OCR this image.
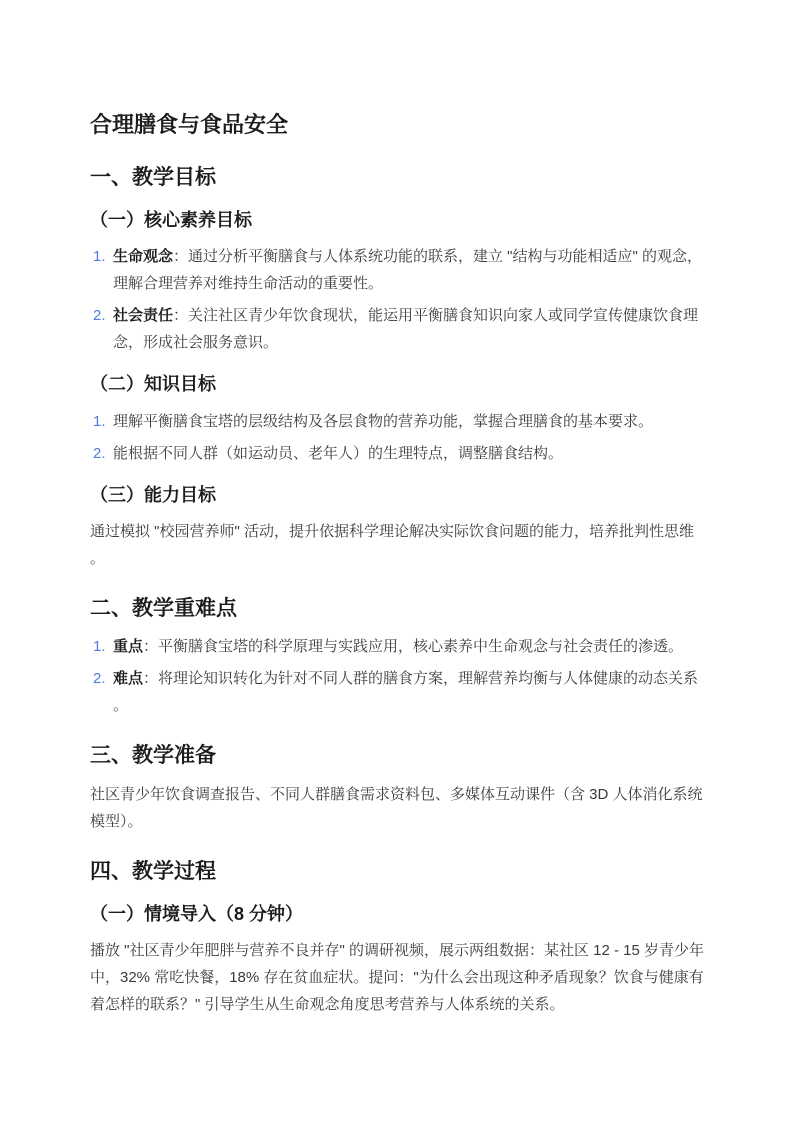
合理膳食与食品安全
一、教学目标
（一）核心素养目标
1. 生命观念：通过分析平衡膳食与人体系统功能的联系，建立 "结构与功能相适应" 的观念，
理解合理营养对维持生命活动的重要性。
2. 社会责任：关注社区青少年饮食现状，能运用平衡膳食知识向家人或同学宣传健康饮食理
念，形成社会服务意识。
（二）知识目标
1. 理解平衡膳食宝塔的层级结构及各层食物的营养功能，掌握合理膳食的基本要求。
2. 能根据不同人群（如运动员、老年人）的生理特点，调整膳食结构。
（三）能力目标
通过模拟 "校园营养师" 活动，提升依据科学理论解决实际饮食问题的能力，培养批判性思维
。
二、教学重难点
1. 重点：平衡膳食宝塔的科学原理与实践应用，核心素养中生命观念与社会责任的渗透。
2. 难点：将理论知识转化为针对不同人群的膳食方案，理解营养均衡与人体健康的动态关系
。
三、教学准备
社区青少年饮食调查报告、不同人群膳食需求资料包、多媒体互动课件（含 3D 人体消化系统
模型）。
四、教学过程
（一）情境导入（8 分钟）
播放 "社区青少年肥胖与营养不良并存" 的调研视频，展示两组数据：某社区 12 - 15 岁青少年
中，32% 常吃快餐，18% 存在贫血症状。提问："为什么会出现这种矛盾现象？饮食与健康有
着怎样的联系？" 引导学生从生命观念角度思考营养与人体系统的关系。
